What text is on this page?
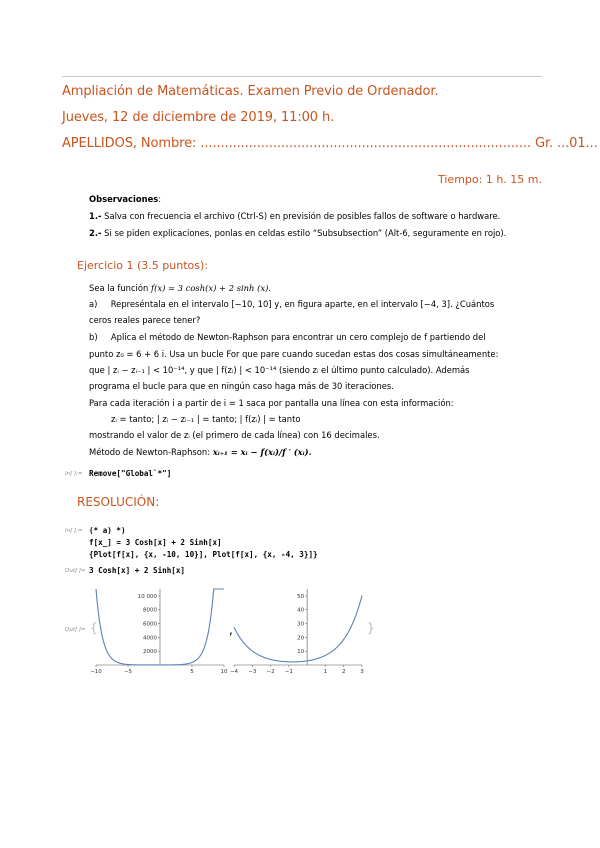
Ampliación de Matemáticas. Examen Previo de Ordenador.
Jueves, 12 de diciembre de 2019, 11:00 h.
APELLIDOS, Nombre: .................................................................................. Gr. ...01...
Tiempo: 1 h. 15 m.
Observaciones:
1.- Salva con frecuencia el archivo (Ctrl-S) en previsión de posibles fallos de software o hardware.
2.- Si se piden explicaciones, ponlas en celdas estilo “Subsubsection” (Alt-6, seguramente en rojo).
Ejercicio 1 (3.5 puntos):
Sea la función f(x) = 3 cosh(x) + 2 sinh (x).
a) Represéntala en el intervalo [−10, 10] y, en figura aparte, en el intervalo [−4, 3]. ¿Cuántos
ceros reales parece tener?
b) Aplica el método de Newton-Raphson para encontrar un cero complejo de f partiendo del
punto z₀ = 6 + 6 i. Usa un bucle For que pare cuando sucedan estas dos cosas simultáneamente:
que | zᵢ − zᵢ₋₁ | < 10⁻¹⁴, y que | f(zᵢ) | < 10⁻¹⁴ (siendo zᵢ el último punto calculado). Además
programa el bucle para que en ningún caso haga más de 30 iteraciones.
Para cada iteración i a partir de i = 1 saca por pantalla una línea con esta información:
zᵢ = tanto; | zᵢ − zᵢ₋₁ | = tanto; | f(zᵢ) | = tanto
mostrando el valor de zᵢ (el primero de cada línea) con 16 decimales.
Método de Newton-Raphson: xᵢ₊₁ = xᵢ − f(xᵢ)/f ′ (xᵢ).
In[ ]:= Remove["Global`*"]
RESOLUCIÓN:
In[ ]:= (* a) *)
f[x_] = 3 Cosh[x] + 2 Sinh[x]
{Plot[f[x], {x, -10, 10}], Plot[f[x], {x, -4, 3}]}
Out[ ]= 3 Cosh[x] + 2 Sinh[x]
Out[ ]= {	,	}
−10	−5	5	10
2000
4000
6000
8000
10 000
−4 −3 −2 −1	1	2	3
10
20
30
40
50
